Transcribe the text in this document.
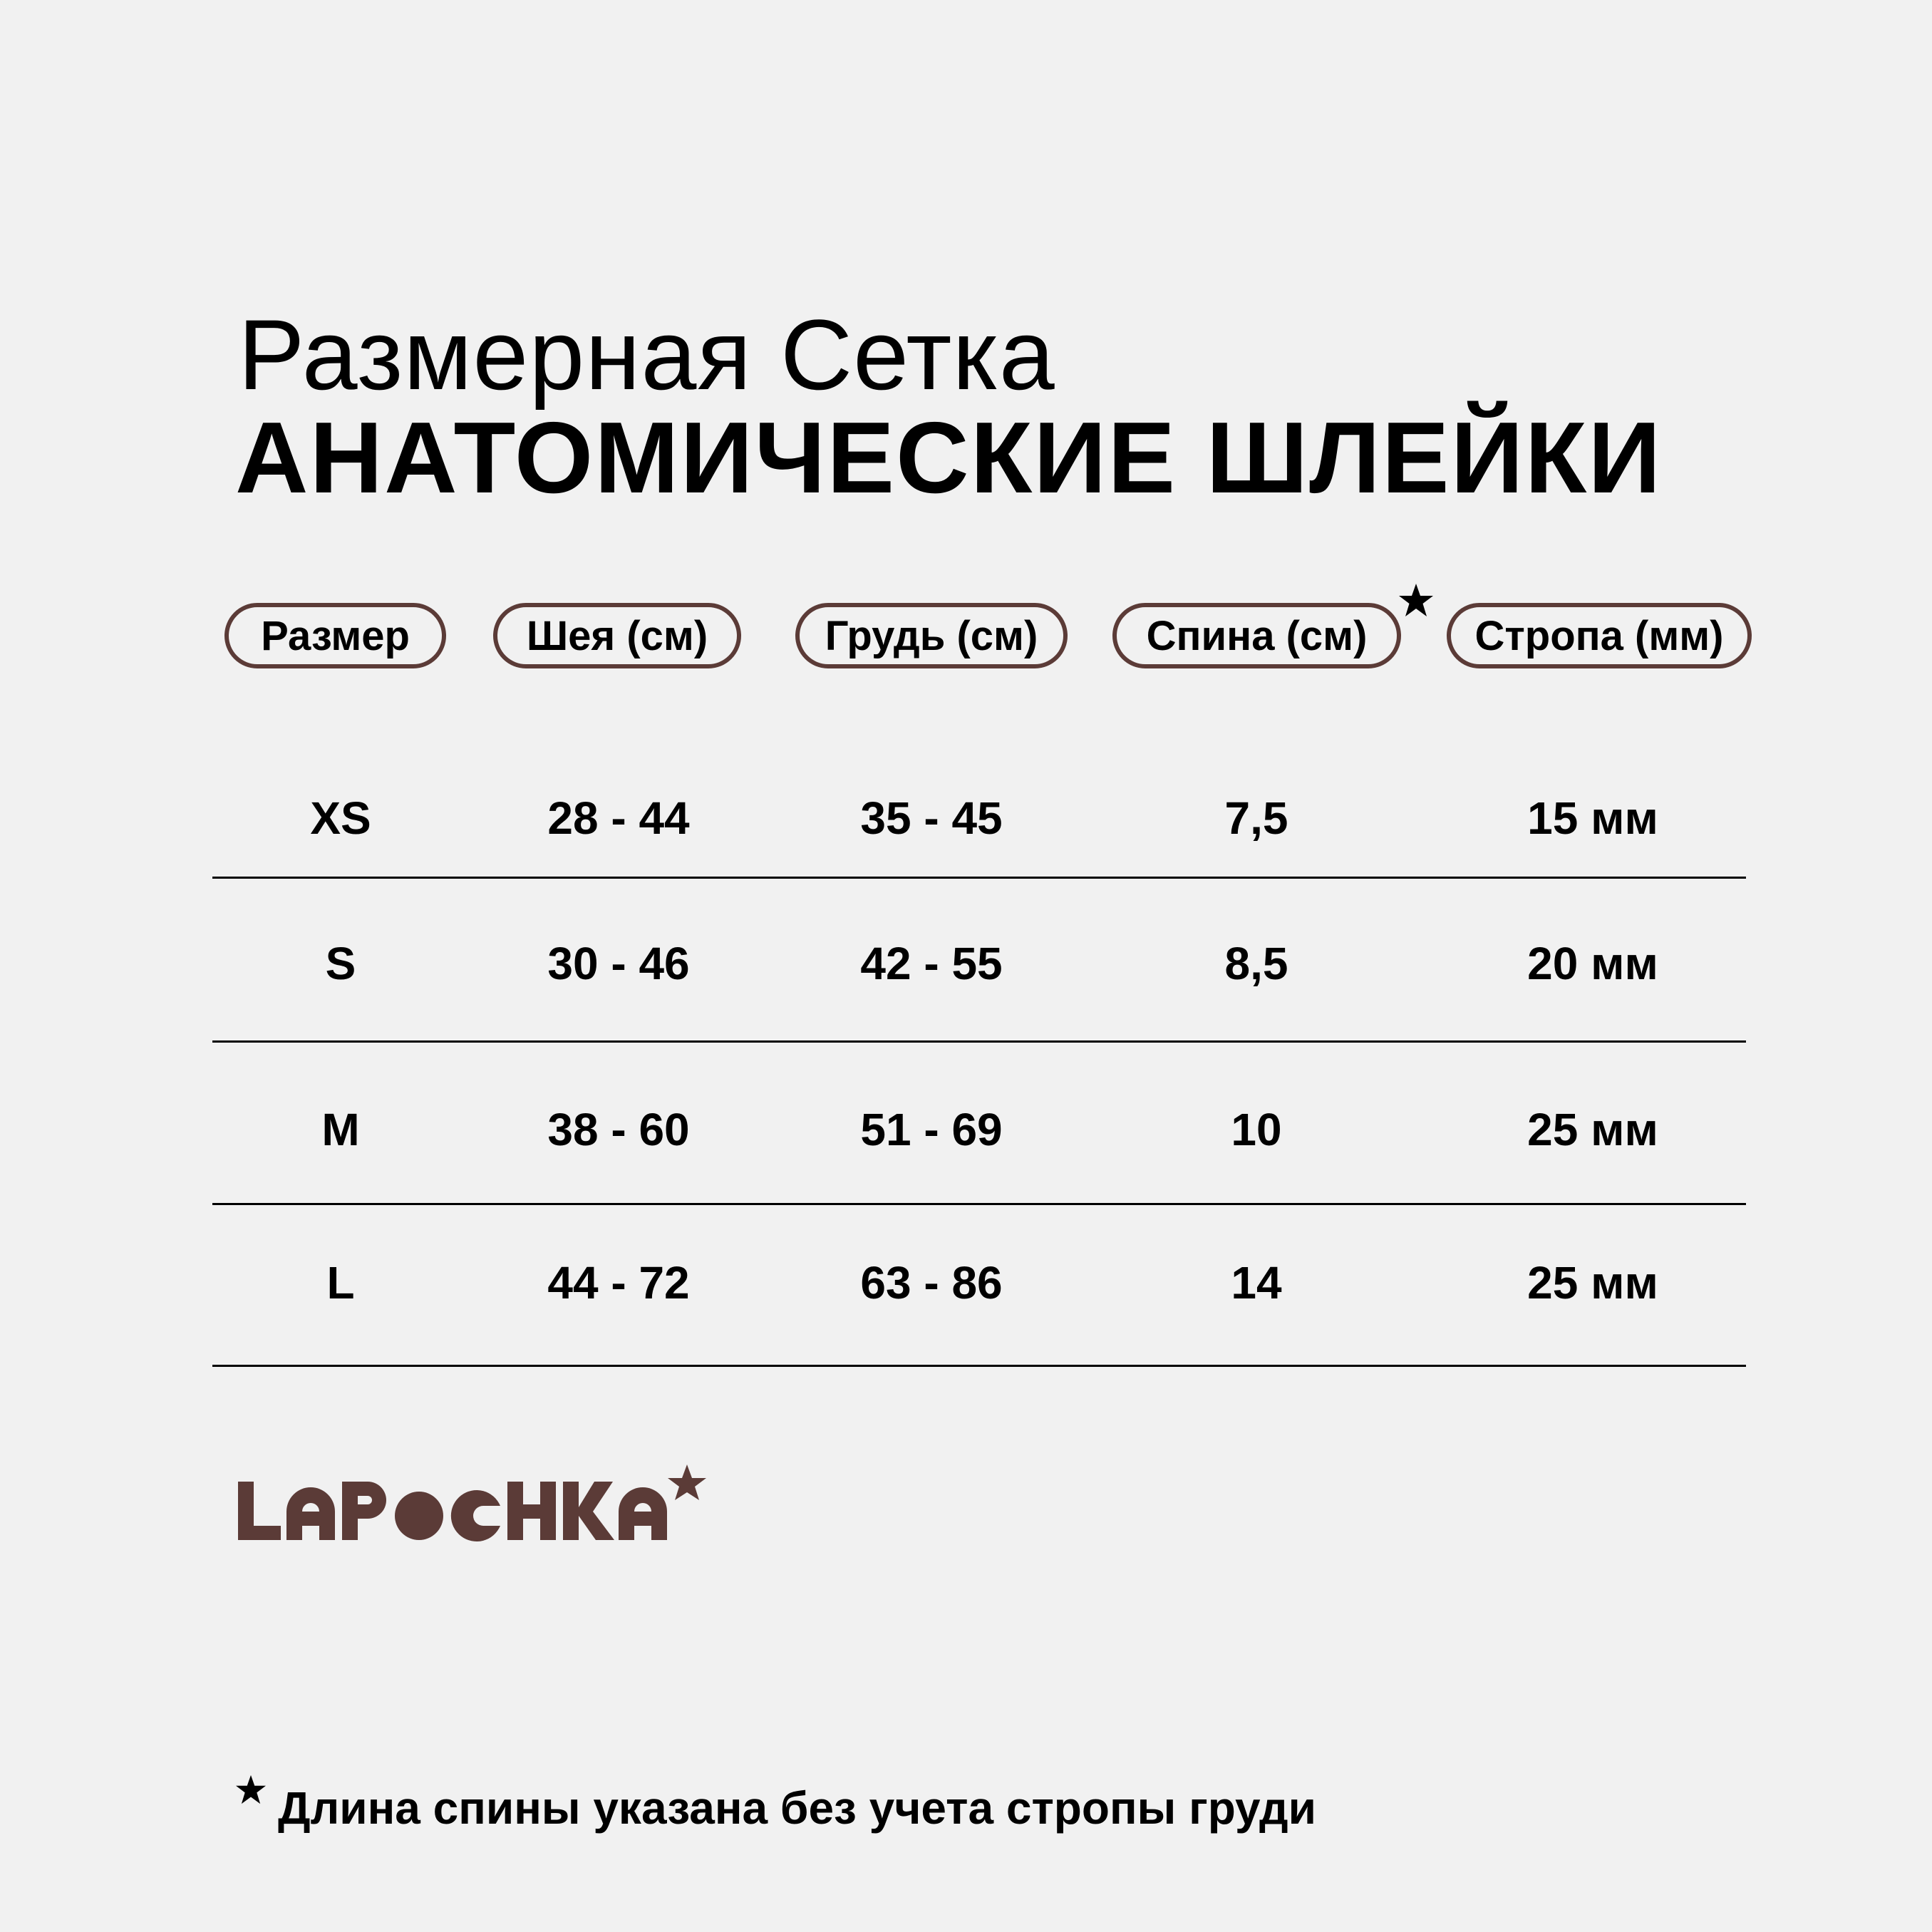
Размерная Сетка
АНАТОМИЧЕСКИЕ ШЛЕЙКИ
Размер	Шея (см)	Грудь (см)	Спина (см)	Стропа (мм)
XS	28 - 44	35 - 45	7,5	15 мм
S	30 - 46	42 - 55	8,5	20 мм
M	38 - 60	51 - 69	10	25 мм
L	44 - 72	63 - 86	14	25 мм
Длина спины указана без учета стропы груди
